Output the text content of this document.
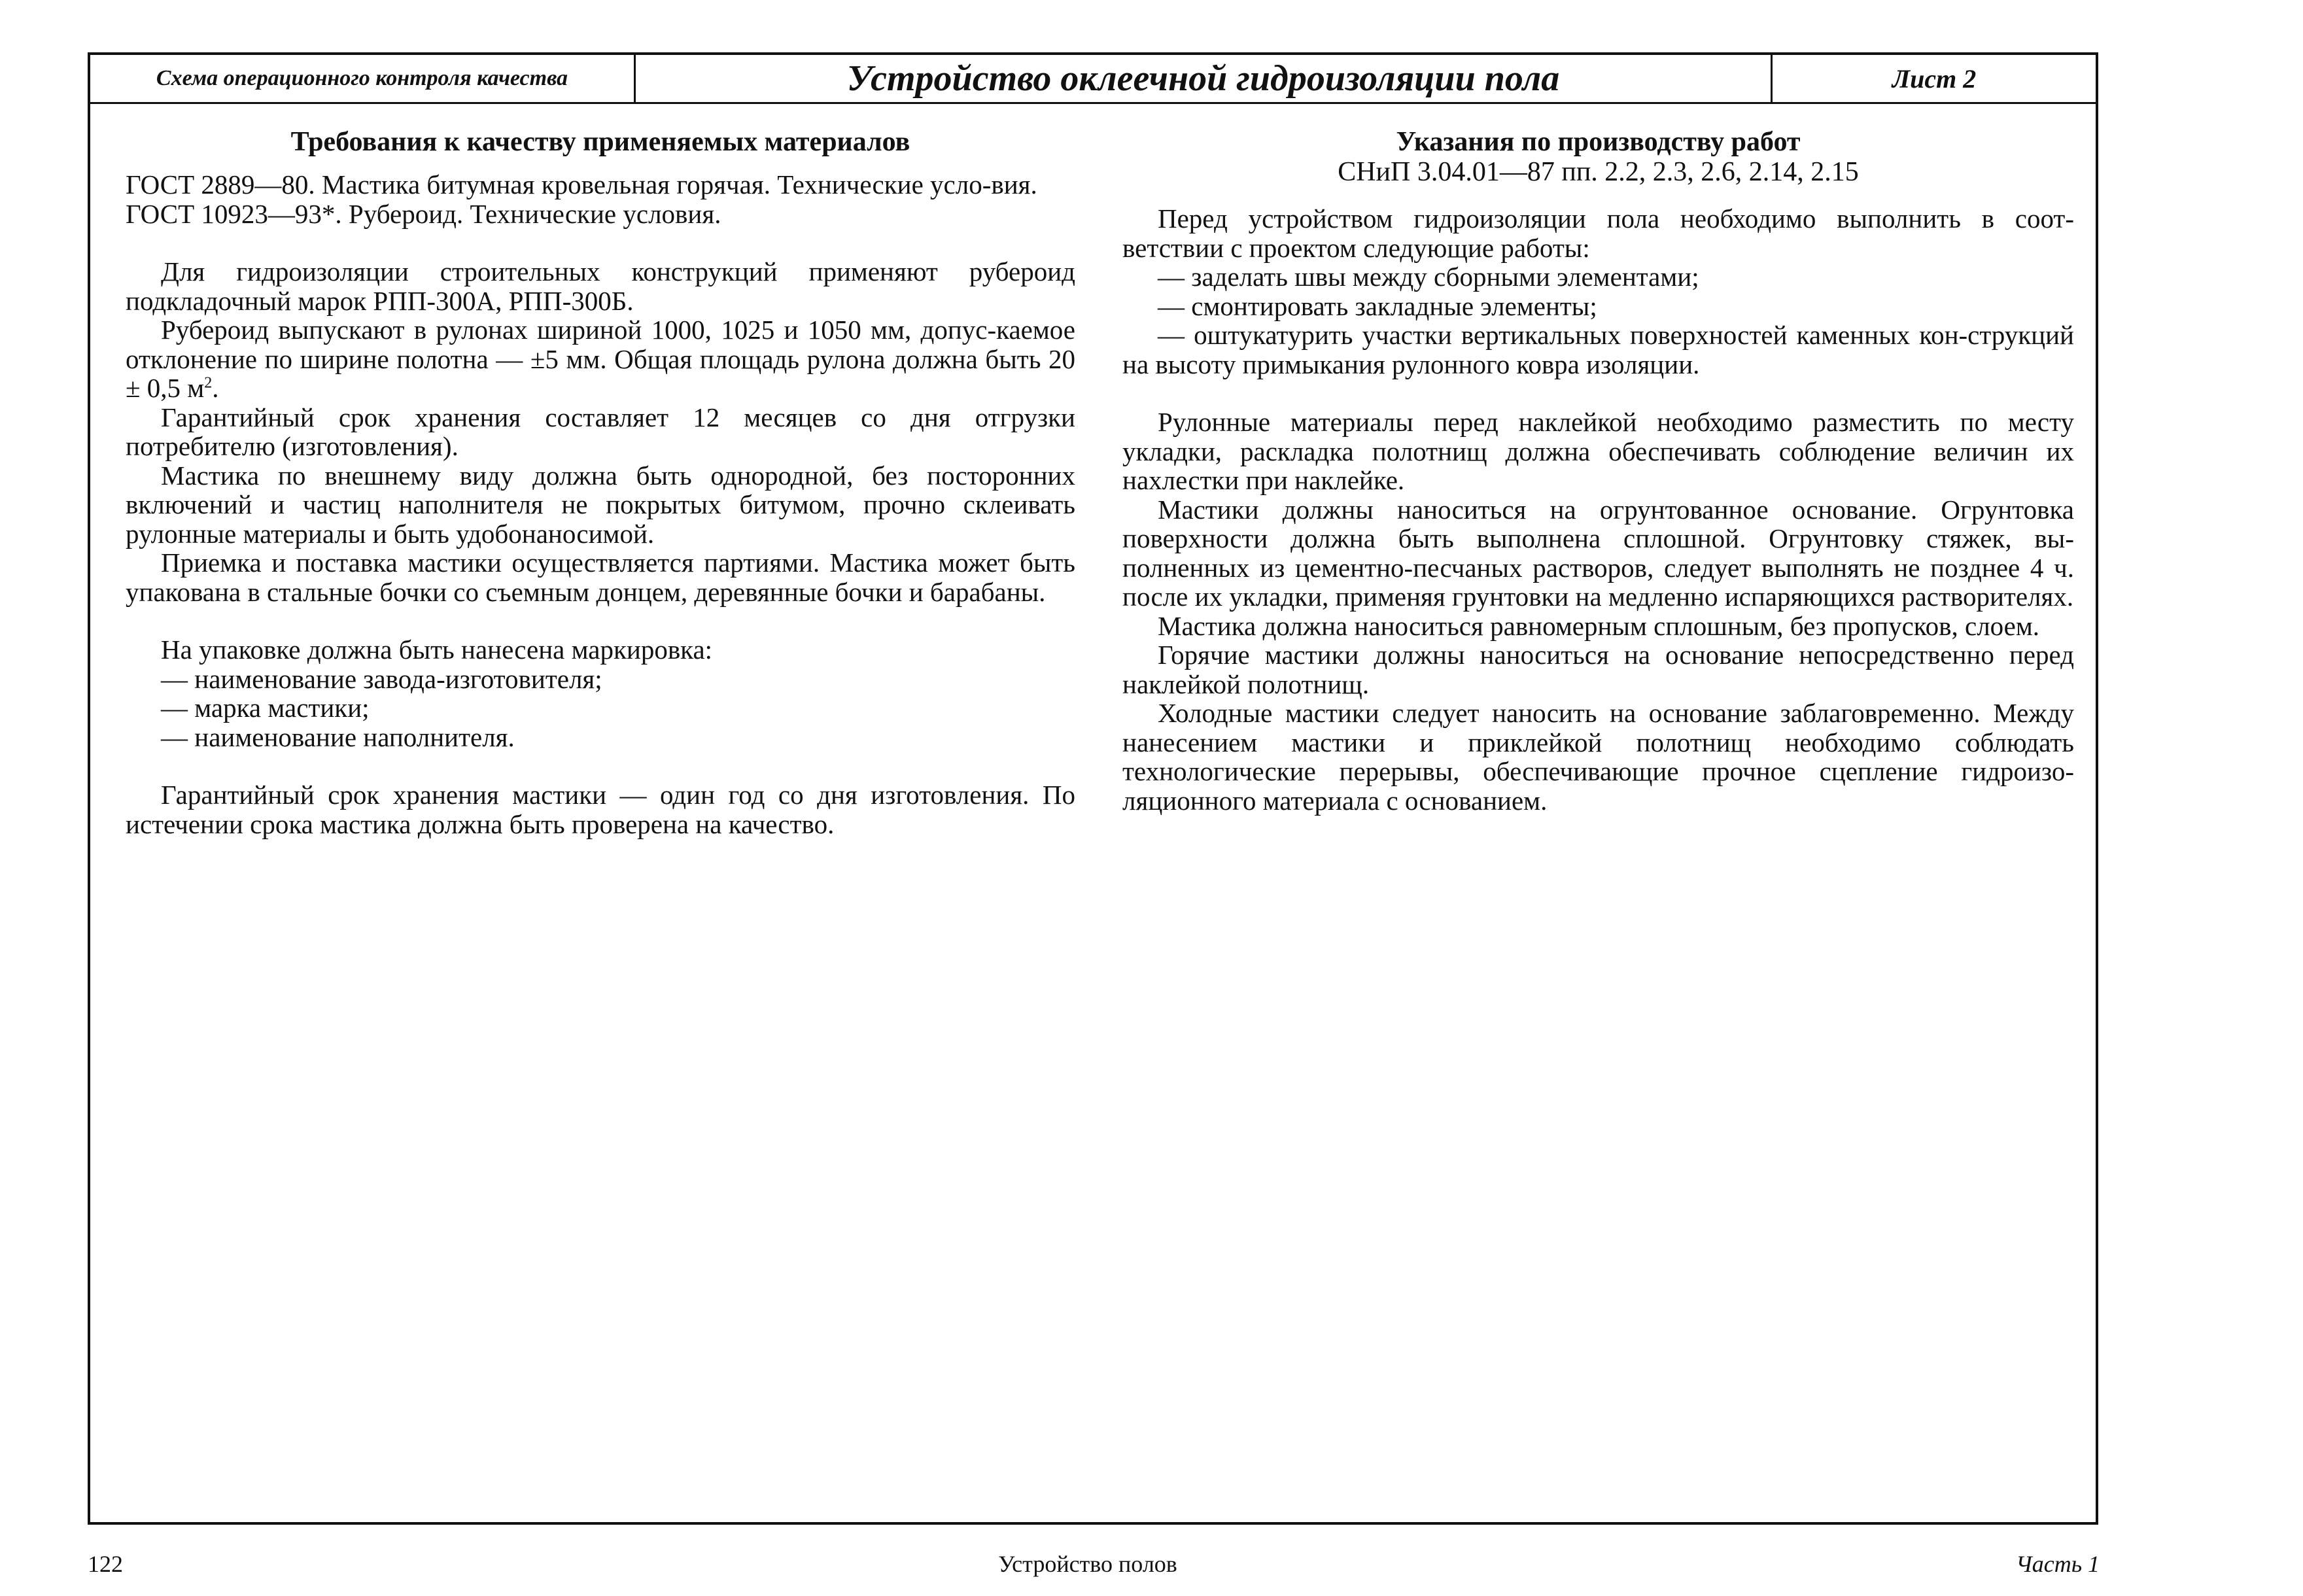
Схема операционного контроля качества	Устройство оклеечной гидроизоляции пола	Лист 2
Требования к качеству применяемых материалов

ГОСТ 2889—80. Мастика битумная кровельная горячая. Технические усло-вия.

ГОСТ 10923—93*. Рубероид. Технические условия.

Для гидроизоляции строительных конструкций применяют рубероид подкладочный марок РПП-300А, РПП-300Б.

Рубероид выпускают в рулонах шириной 1000, 1025 и 1050 мм, допус-каемое отклонение по ширине полотна — ±5 мм. Общая площадь рулона должна быть 20 ± 0,5 $м^2$.

Гарантийный срок хранения составляет 12 месяцев со дня отгрузки потребителю (изготовления).

Мастика по внешнему виду должна быть однородной, без посторонних включений и частиц наполнителя не покрытых битумом, прочно склеивать рулонные материалы и быть удобонаносимой.

Приемка и поставка мастики осуществляется партиями. Мастика может быть упакована в стальные бочки со съемным донцем, деревянные бочки и барабаны.

На упаковке должна быть нанесена маркировка:

— наименование завода-изготовителя;

— марка мастики;

— наименование наполнителя.

Гарантийный срок хранения мастики — один год со дня изготовления. По истечении срока мастика должна быть проверена на качество.

Указания по производству работ
СНиП 3.04.01—87 пп. 2.2, 2.3, 2.6, 2.14, 2.15

Перед устройством гидроизоляции пола необходимо выполнить в соот-ветствии с проектом следующие работы:

— заделать швы между сборными элементами;

— смонтировать закладные элементы;

— оштукатурить участки вертикальных поверхностей каменных кон-струкций на высоту примыкания рулонного ковра изоляции.

Рулонные материалы перед наклейкой необходимо разместить по месту укладки, раскладка полотнищ должна обеспечивать соблюдение величин их нахлестки при наклейке.

Мастики должны наноситься на огрунтованное основание. Огрунтовка поверхности должна быть выполнена сплошной. Огрунтовку стяжек, вы-полненных из цементно-песчаных растворов, следует выполнять не позднее 4 ч. после их укладки, применяя грунтовки на медленно испаряющихся растворителях.

Мастика должна наноситься равномерным сплошным, без пропусков, слоем.

Горячие мастики должны наноситься на основание непосредственно перед наклейкой полотнищ.

Холодные мастики следует наносить на основание заблаговременно. Между нанесением мастики и приклейкой полотнищ необходимо соблюдать технологические перерывы, обеспечивающие прочное сцепление гидроизо-ляционного материала с основанием.

122	Устройство полов	Часть 1
